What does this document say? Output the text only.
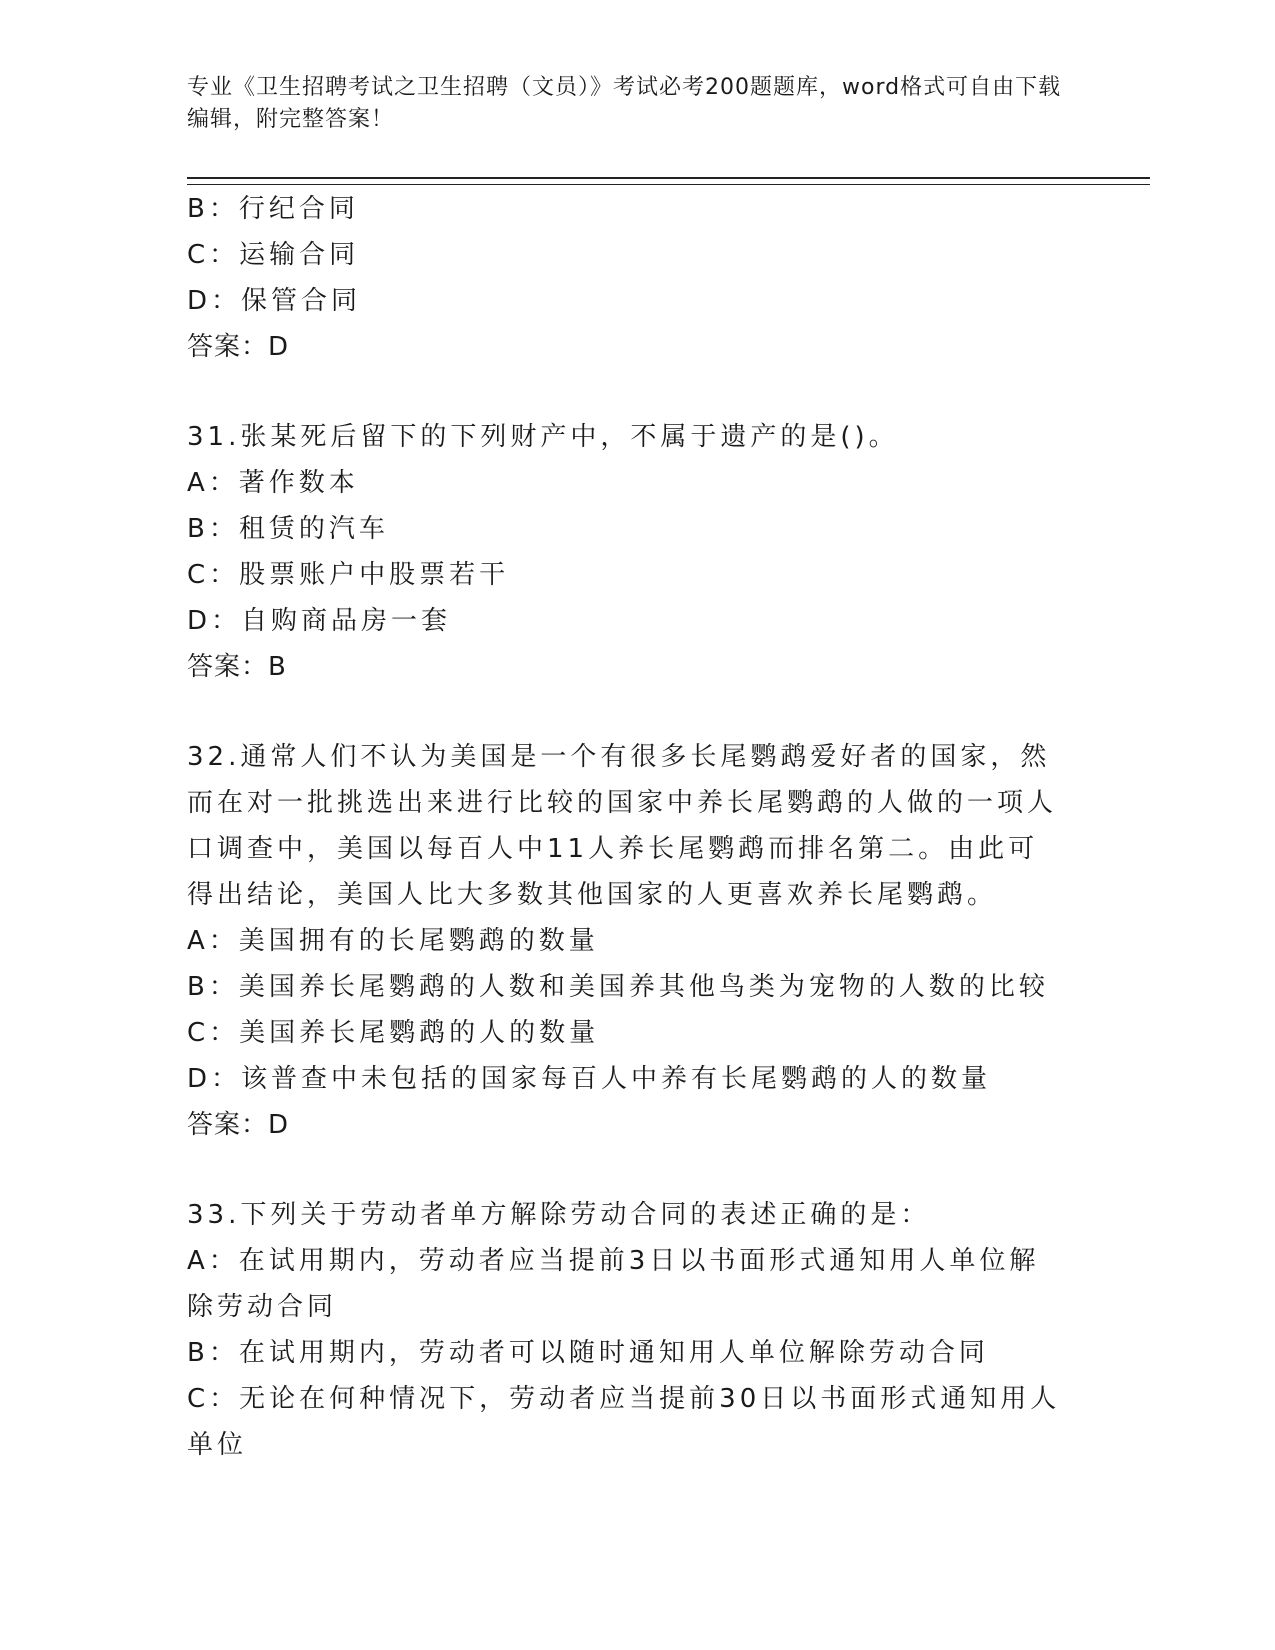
专业《卫生招聘考试之卫生招聘（文员）》考试必考200题题库，word格式可自由下载编辑，附完整答案！

B：行纪合同

C：运输合同

D：保管合同

答案：D

31.张某死后留下的下列财产中，不属于遗产的是()。

A：著作数本

B：租赁的汽车

C：股票账户中股票若干

D：自购商品房一套

答案：B

32.通常人们不认为美国是一个有很多长尾鹦鹉爱好者的国家，然而在对一批挑选出来进行比较的国家中养长尾鹦鹉的人做的一项人口调查中，美国以每百人中11人养长尾鹦鹉而排名第二。由此可得出结论，美国人比大多数其他国家的人更喜欢养长尾鹦鹉。

A：美国拥有的长尾鹦鹉的数量

B：美国养长尾鹦鹉的人数和美国养其他鸟类为宠物的人数的比较

C：美国养长尾鹦鹉的人的数量

D：该普查中未包括的国家每百人中养有长尾鹦鹉的人的数量

答案：D

33.下列关于劳动者单方解除劳动合同的表述正确的是：

A：在试用期内，劳动者应当提前3日以书面形式通知用人单位解除劳动合同

B：在试用期内，劳动者可以随时通知用人单位解除劳动合同

C：无论在何种情况下，劳动者应当提前30日以书面形式通知用人单位
